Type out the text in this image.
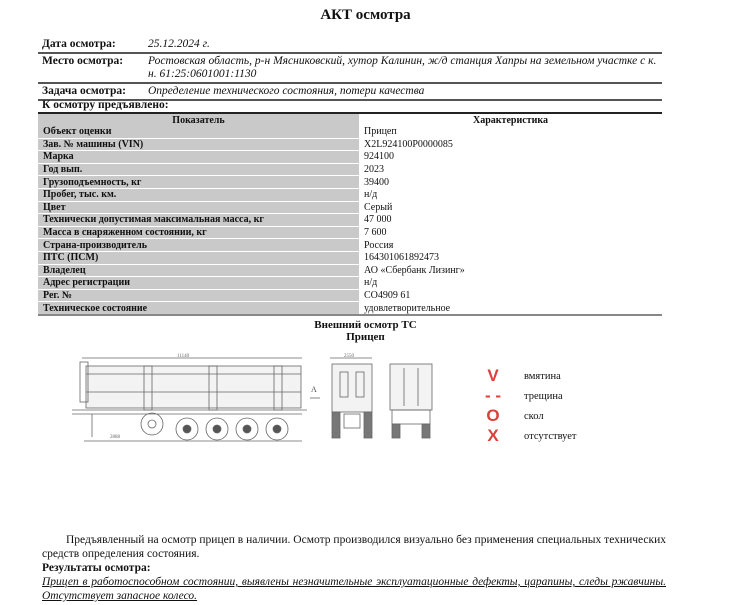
АКТ осмотра
Дата осмотра:	25.12.2024 г.
Место осмотра:	Ростовская область, р-н Мясниковский, хутор Калинин, ж/д станция Хапры на земельном участке с к. н. 61:25:0601001:1130
Задача осмотра:	Определение технического состояния, потери качества
К осмотру предъявлено:
Показатель	Характеристика
Объект оценки	Прицеп
Зав. № машины (VIN)	X2L924100P0000085
Марка	924100
Год вып.	2023
Грузоподъемность, кг	39400
Пробег, тыс. км.	н/д
Цвет	Серый
Технически допустимая максимальная масса, кг	47 000
Масса в снаряженном состоянии, кг	7 600
Страна-производитель	Россия
ПТС (ПСМ)	164301061892473
Владелец	АО «Сбербанк Лизинг»
Адрес регистрации	н/д
Рег. №	СО4909 61
Техническое состояние	удовлетворительное
Внешний осмотр ТС
Прицеп
11140
2888
A
2550
V	вмятина
- - трещина
O	скол
X	отсутствует
Предъявленный на осмотр прицеп в наличии. Осмотр производился визуально без применения специальных технических средств определения состояния.
Результаты осмотра:
Прицеп в работоспособном состоянии, выявлены незначительные эксплуатационные дефекты, царапины, следы ржавчины. Отсутствует запасное колесо.
